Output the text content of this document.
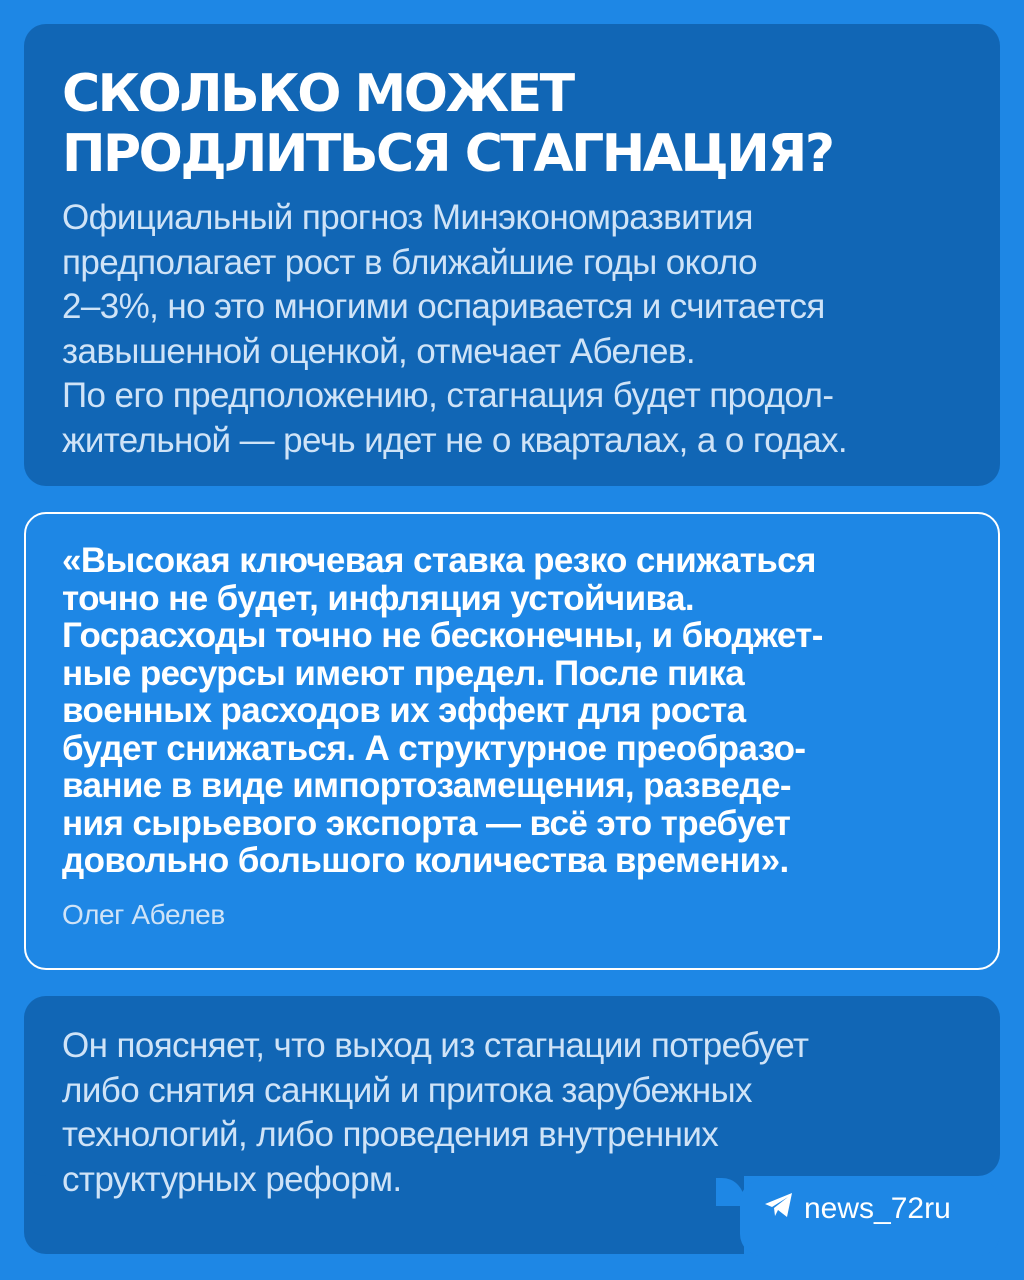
СКОЛЬКО МОЖЕТ
ПРОДЛИТЬСЯ СТАГНАЦИЯ?
Официальный прогноз Минэкономразвития
предполагает рост в ближайшие годы около
2–3%, но это многими оспаривается и считается
завышенной оценкой, отмечает Абелев.
По его предположению, стагнация будет продол-
жительной — речь идет не о кварталах, а о годах.
«Высокая ключевая ставка резко снижаться
точно не будет, инфляция устойчива.
Госрасходы точно не бесконечны, и бюджет-
ные ресурсы имеют предел. После пика
военных расходов их эффект для роста
будет снижаться. А структурное преобразо-
вание в виде импортозамещения, разведе-
ния сырьевого экспорта — всё это требует
довольно большого количества времени».
Олег Абелев
Он поясняет, что выход из стагнации потребует
либо снятия санкций и притока зарубежных
технологий, либо проведения внутренних
структурных реформ.
news_72ru
